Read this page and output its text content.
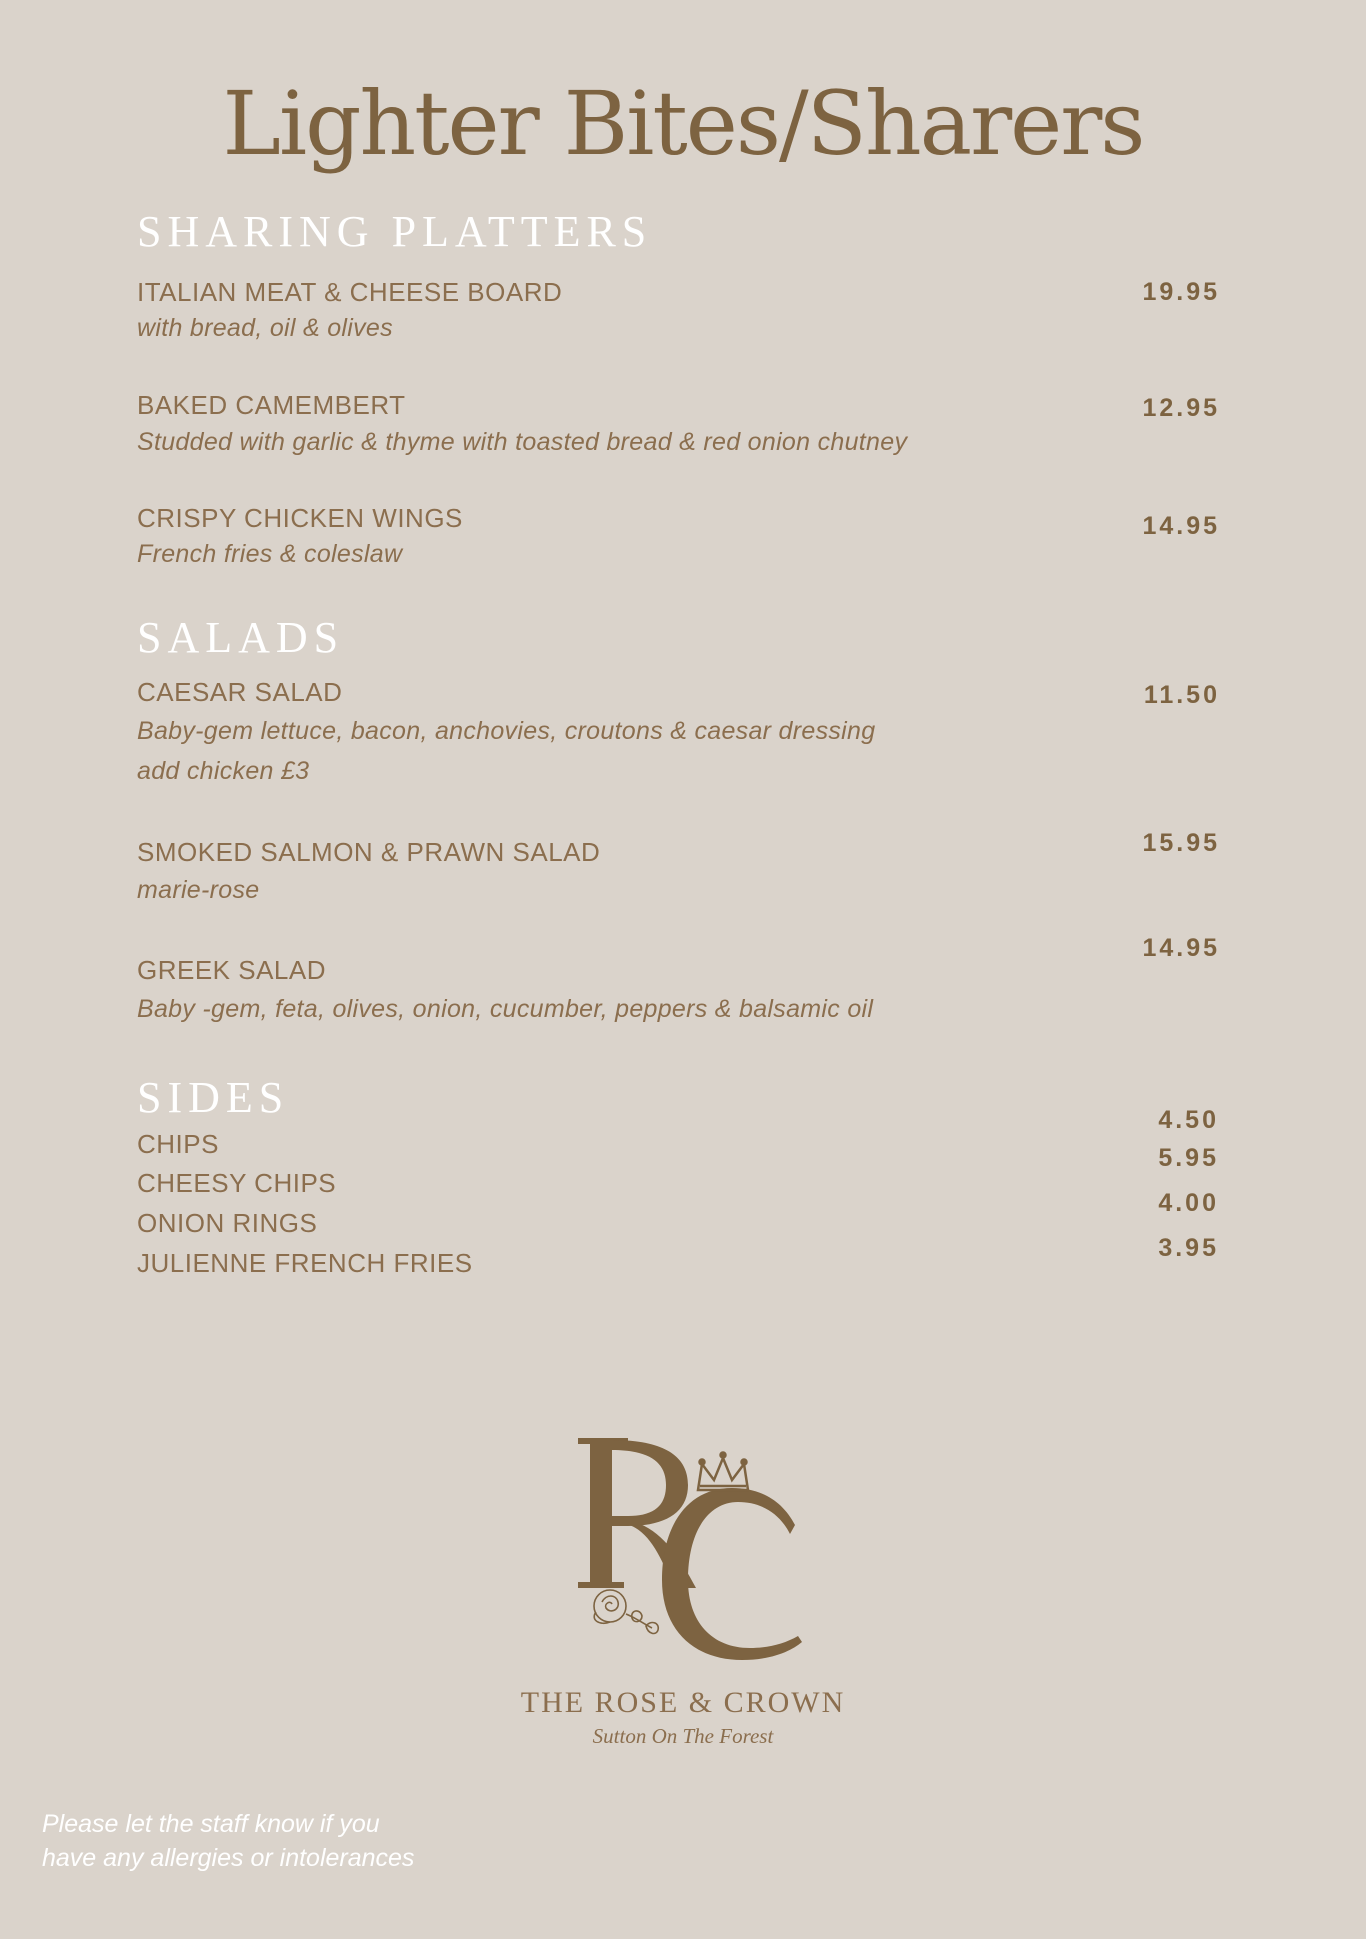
Lighter Bites/Sharers
SHARING PLATTERS
ITALIAN MEAT & CHEESE BOARD
with bread, oil & olives
19.95
BAKED CAMEMBERT
Studded with garlic & thyme with toasted bread & red onion chutney
12.95
CRISPY CHICKEN WINGS
French fries & coleslaw
14.95
SALADS
CAESAR SALAD
Baby-gem lettuce, bacon, anchovies, croutons & caesar dressing
add chicken £3
11.50
SMOKED SALMON & PRAWN SALAD
marie-rose
15.95
GREEK SALAD
Baby -gem, feta, olives, onion, cucumber, peppers & balsamic oil
14.95
SIDES
CHIPS
CHEESY CHIPS
ONION RINGS
JULIENNE FRENCH FRIES
4.50
5.95
4.00
3.95
THE ROSE & CROWN
Sutton On The Forest
Please let the staff know if you
have any allergies or intolerances
